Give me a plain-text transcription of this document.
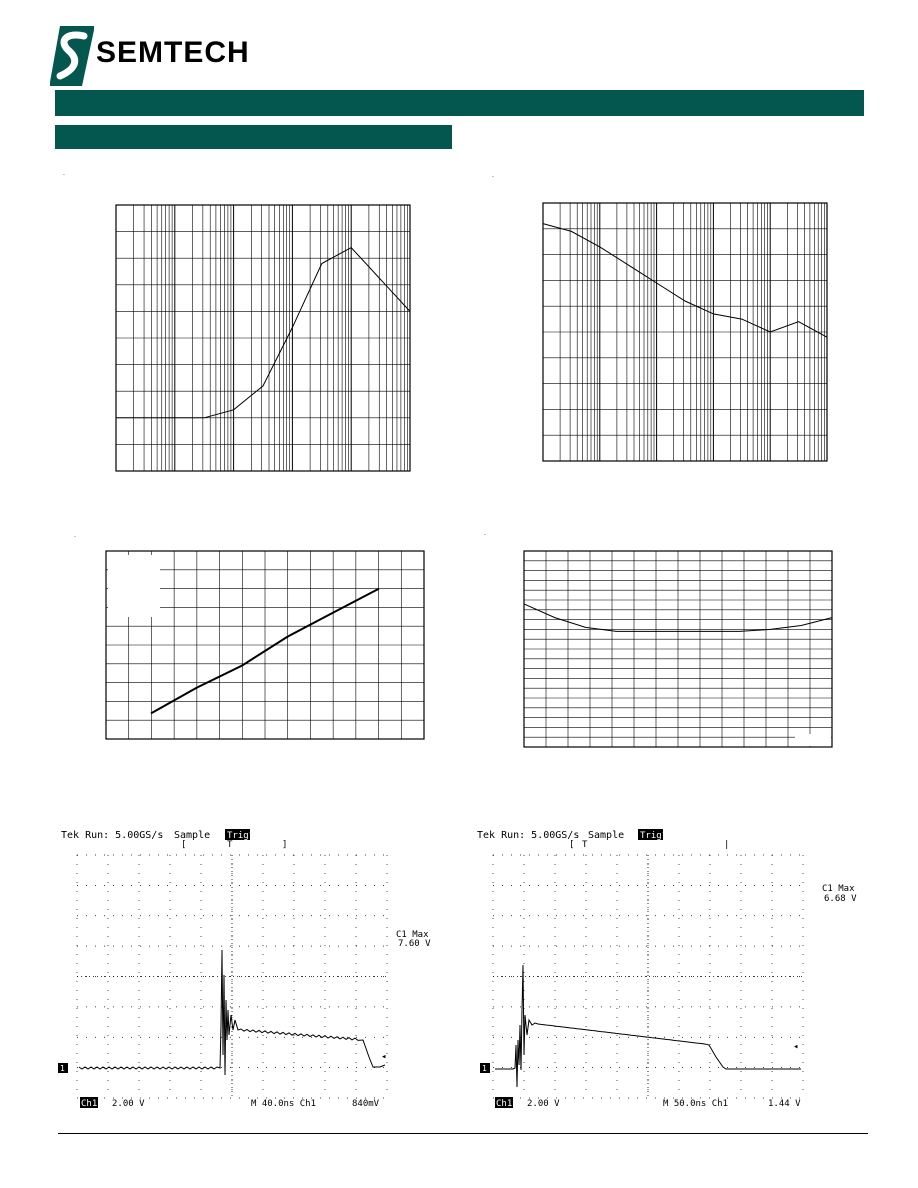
SEMTECH
.	.
.	.
Tek Run: 5.00GS/s Sample Trig?
[	T	]
C1 Max
7.60 V
1
◂
Ch1 2.00 V	M 40.0ns Ch1	840mV
Tek Run: 5.00GS/s Sample Trig?
[ T	|
C1 Max
6.68 V
1
◂
Ch1 2.00 V	M 50.0ns Ch1	1.44 V
